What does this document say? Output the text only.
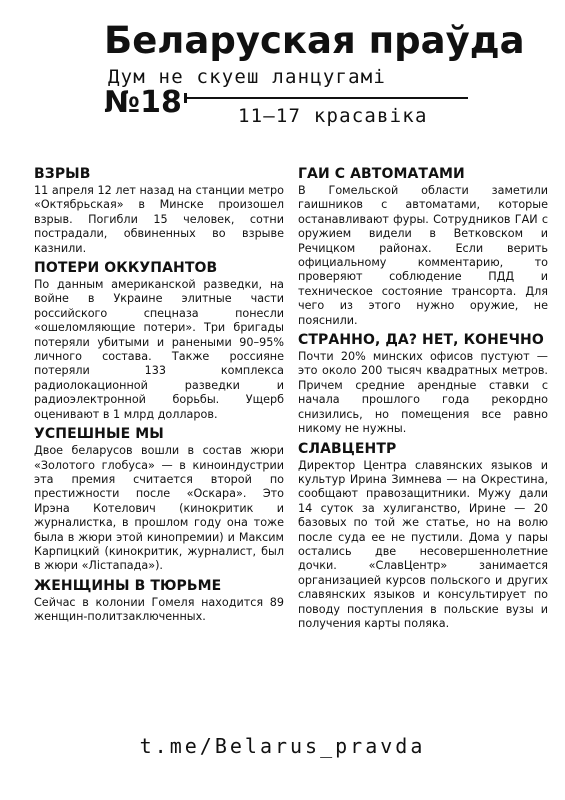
Беларуская праўда
Дум не скуеш ланцугамі
№18	11—17 красавіка
ВЗРЫВ

11 апреля 12 лет назад на станции метро «Октябрьская» в Минске произошел взрыв. Погибли 15 человек, сотни пострадали, обвиненных во взрыве казнили.

ПОТЕРИ ОККУПАНТОВ

По данным американской разведки, на войне в Украине элитные части российского спецназа понесли «ошеломляющие потери». Три бригады потеряли убитыми и ранеными 90–95% личного состава. Также россияне потеряли 133 комплекса радиолокационной разведки и радиоэлектронной борьбы. Ущерб оценивают в 1 млрд долларов.

УСПЕШНЫЕ МЫ

Двое беларусов вошли в состав жюри «Золотого глобуса» — в киноиндустрии эта премия считается второй по престижности после «Оскара». Это Ирэна Котелович (кинокритик и журналистка, в прошлом году она тоже была в жюри этой кинопремии) и Максим Карпицкий (кинокритик, журналист, был в жюри «Лістапада»).

ЖЕНЩИНЫ В ТЮРЬМЕ

Сейчас в колонии Гомеля находится 89 женщин-политзаключенных.

ГАИ С АВТОМАТАМИ

В Гомельской области заметили гаишников с автоматами, которые останавливают фуры. Сотрудников ГАИ с оружием видели в Ветковском и Речицком районах. Если верить официальному комментарию, то проверяют соблюдение ПДД и техническое состояние трансорта. Для чего из этого нужно оружие, не пояснили.

СТРАННО, ДА? НЕТ, КОНЕЧНО

Почти 20% минских офисов пустуют — это около 200 тысяч квадратных метров. Причем средние арендные ставки с начала прошлого года рекордно снизились, но помещения все равно никому не нужны.

СЛАВЦЕНТР

Директор Центра славянских языков и культур Ирина Зимнева — на Окрестина, сообщают правозащитники. Мужу дали 14 суток за хулиганство, Ирине — 20 базовых по той же статье, но на волю после суда ее не пустили. Дома у пары остались две несовершеннолетние дочки. «СлавЦентр» занимается организацией курсов польского и других славянских языков и консультирует по поводу поступления в польские вузы и получения карты поляка.

t.me/Belarus_pravda
